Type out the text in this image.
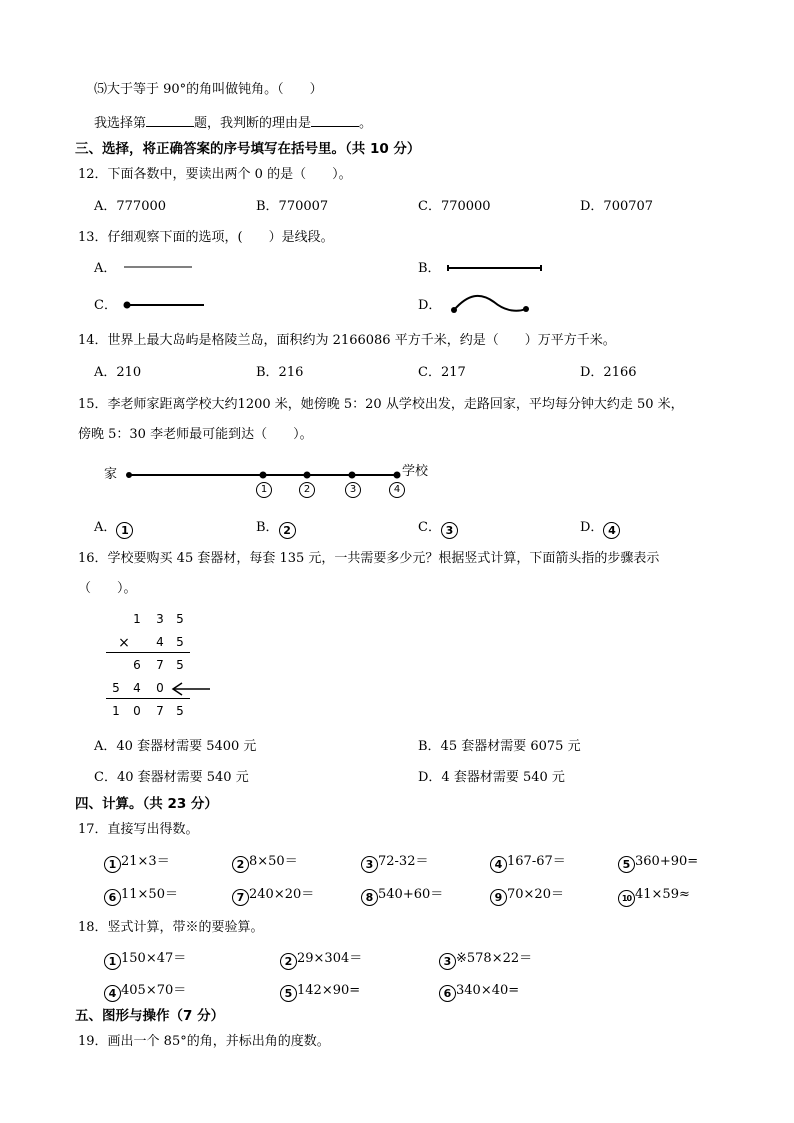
⑸大于等于 90°的角叫做钝角。（　　）
我选择第	题，我判断的理由是	。
三、选择，将正确答案的序号填写在括号里。（共 10 分）
12．下面各数中，要读出两个 0 的是（　　）。
A．777000	B．770007	C．770000	D．700707
13．仔细观察下面的选项，(　　）是线段。
A．	B．
C．	D．
14．世界上最大岛屿是格陵兰岛，面积约为 2166086 平方千米，约是（　　）万平方千米。
A．210	B．216	C．217	D．2166
15．李老师家距离学校大约1200 米，她傍晚 5：20 从学校出发，走路回家，平均每分钟大约走 50 米，
傍晚 5：30 李老师最可能到达（　　）。
家	学校
1	2	3	4
A． 1	B． 2	C． 3	D． 4
16．学校要购买 45 套器材，每套 135 元，一共需要多少元？根据竖式计算，下面箭头指的步骤表示
（　　）。
1	3	5
×	4	5
6	7	5
5	4	0
1	0	7	5
A．40 套器材需要 5400 元	B．45 套器材需要 6075 元
C．40 套器材需要 540 元	D．4 套器材需要 540 元
四、计算。（共 23 分）
17．直接写出得数。
1 21×3＝	2 8×50＝	3 72-32＝	4 167-67＝	5 360+90=
6 11×50＝	7 240×20＝	8 540+60＝	9 70×20＝	10 41×59≈
18．竖式计算，带※的要验算。
1 150×47＝	2 29×304＝	3 ※578×22＝
4 405×70＝	5 142×90=	6 340×40=
五、图形与操作（7 分）
19．画出一个 85°的角，并标出角的度数。
